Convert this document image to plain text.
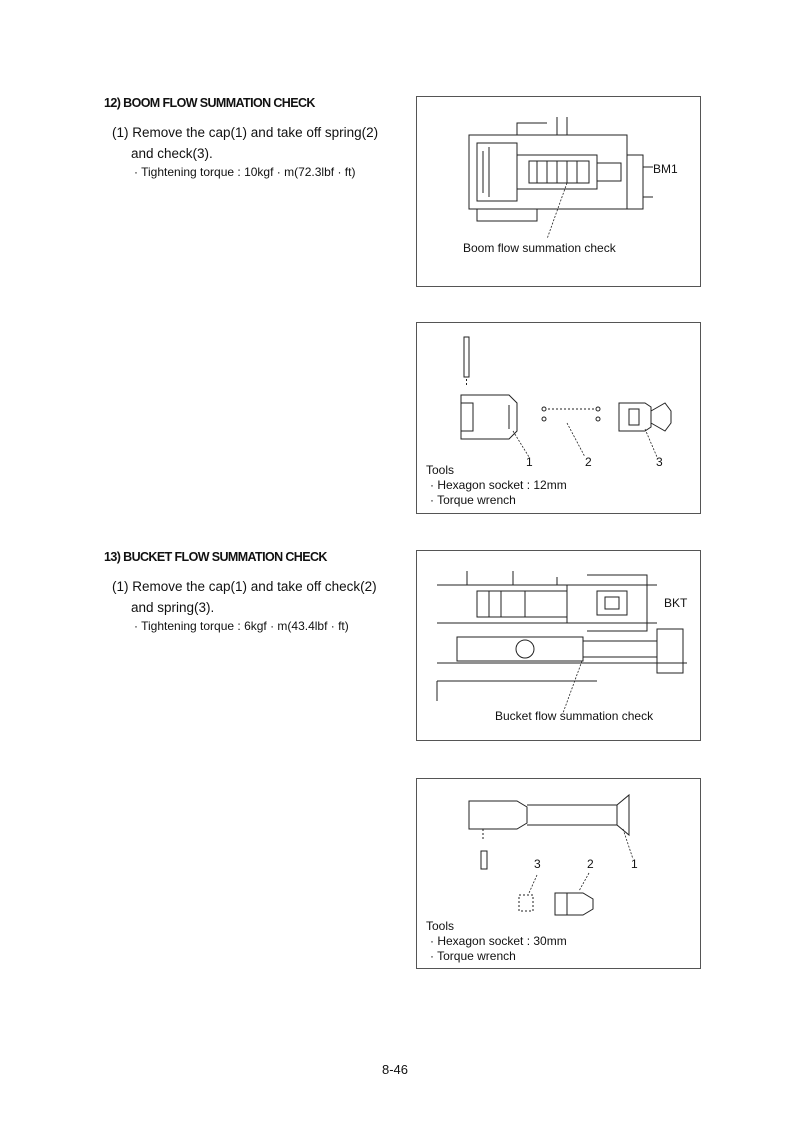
12) BOOM FLOW SUMMATION CHECK
(1) Remove the cap(1) and take off spring(2)
and check(3).
· Tightening torque : 10kgf · m(72.3lbf · ft)	BM1
Boom flow summation check
1	2	3
Tools
· Hexagon socket : 12mm
· Torque wrench
13) BUCKET FLOW SUMMATION CHECK
(1) Remove the cap(1) and take off check(2)
and spring(3).
· Tightening torque : 6kgf · m(43.4lbf · ft)
BKT
Bucket flow summation check
3	2	1
Tools
· Hexagon socket : 30mm
· Torque wrench
8-46
